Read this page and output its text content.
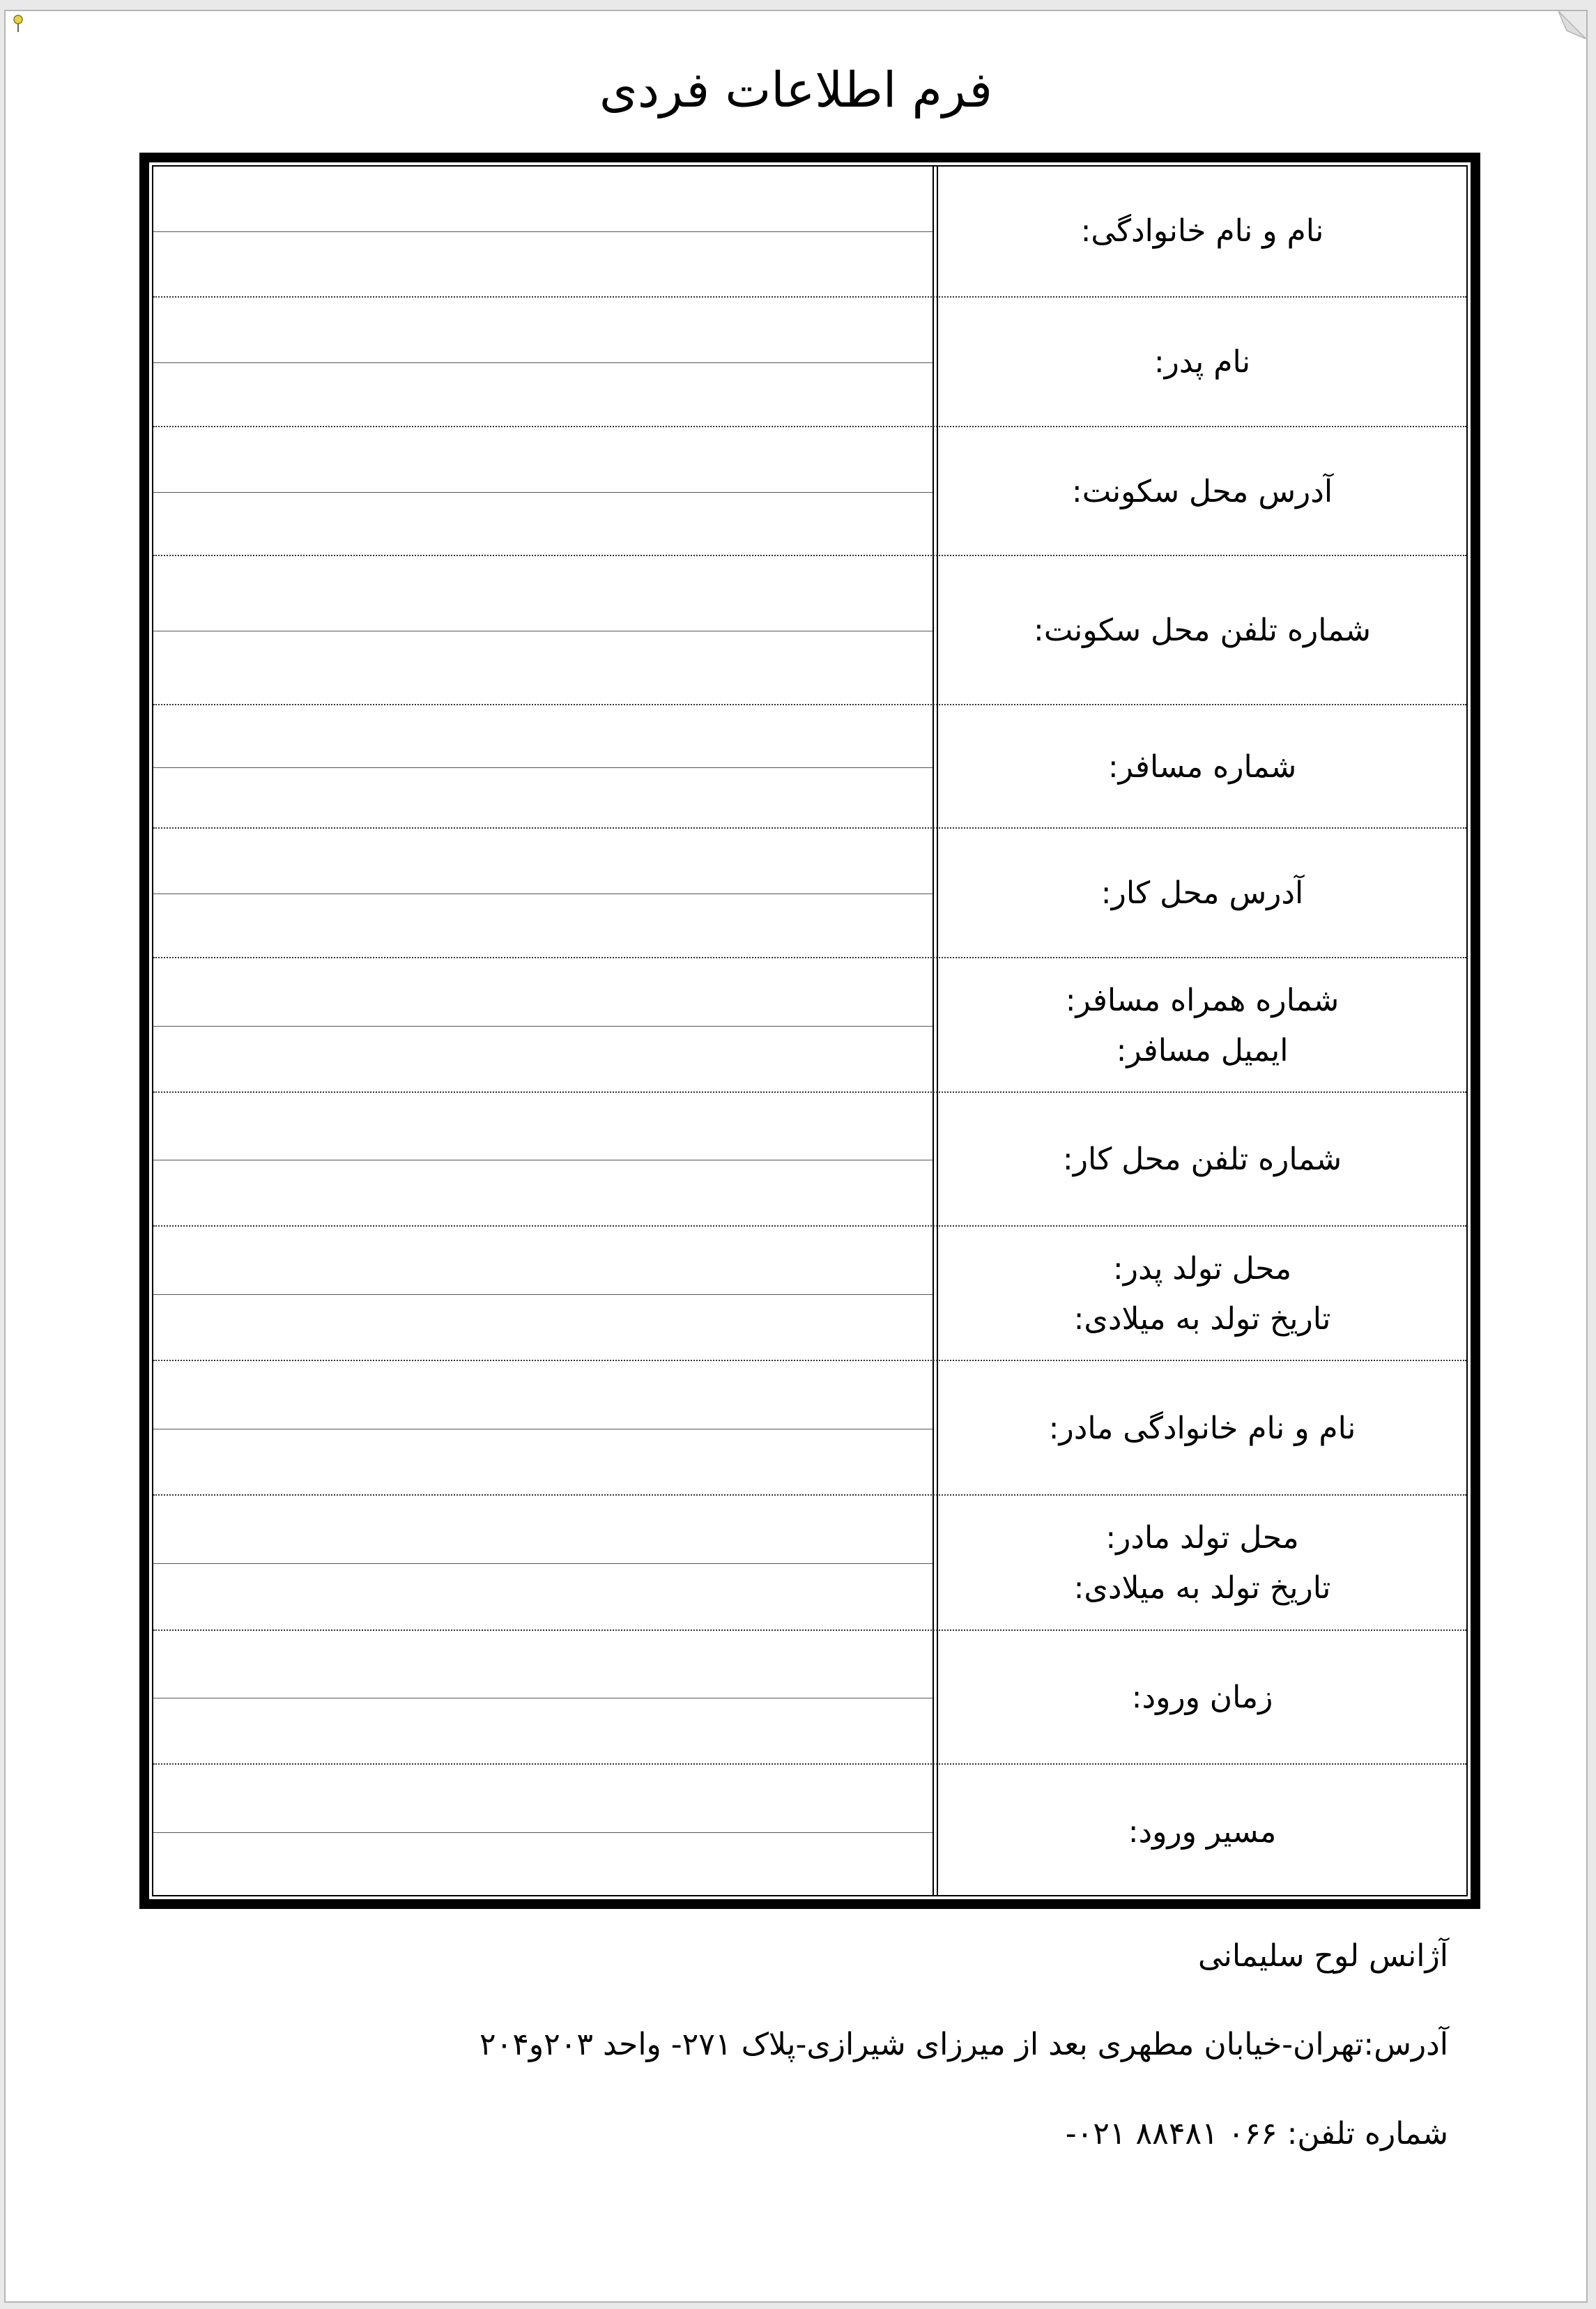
فرم اطلاعات فردی
نام و نام خانوادگی:
نام پدر:
آدرس محل سکونت:
شماره تلفن محل سکونت:
شماره مسافر:
آدرس محل کار:
شماره همراه مسافر:
ایمیل مسافر:
شماره تلفن محل کار:
محل تولد پدر:
تاریخ تولد به میلادی:
نام و نام خانوادگی مادر:
محل تولد مادر:
تاریخ تولد به میلادی:
زمان ورود:
مسیر ورود:
آژانس لوح سلیمانی
آدرس:تهران-خیابان مطهری بعد از میرزای شیرازی-پلاک ۲۷۱- واحد ۲۰۳و۲۰۴
شماره تلفن: ۰۶۶ ۸۸۴۸۱ ۰۲۱-
